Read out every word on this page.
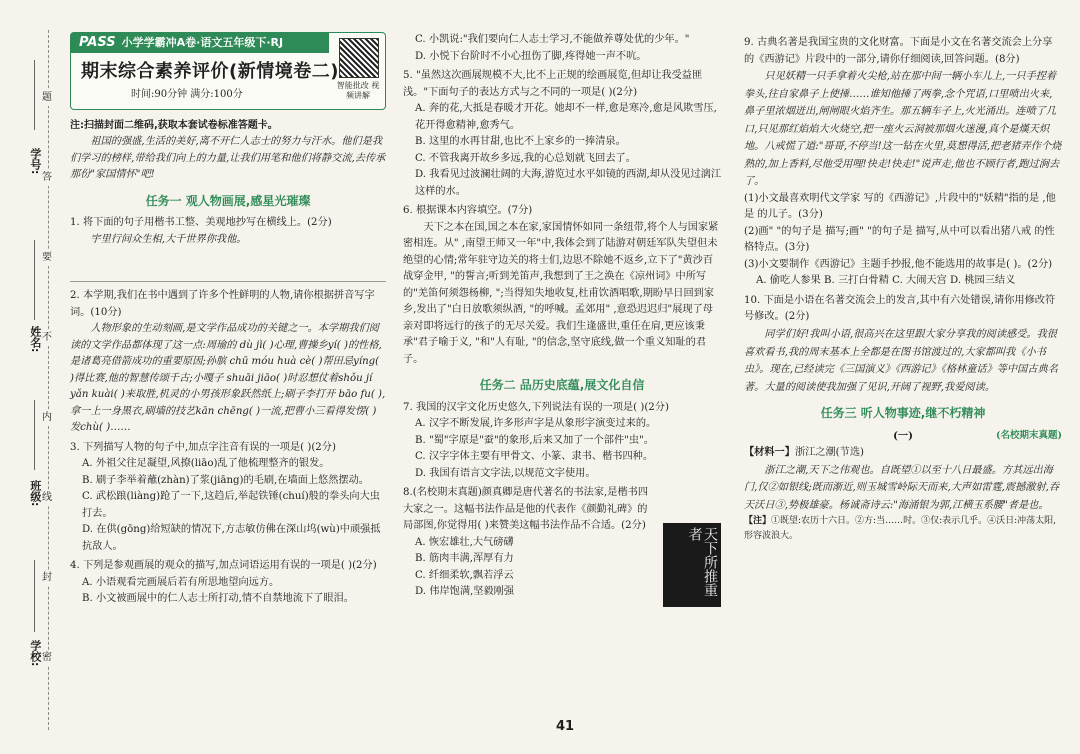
学号:
姓名:
班级:
学校:
题
答
要
不
内
线
封
密
PASS 小学学霸冲A卷·语文五年级下·RJ
期末综合素养评价(新情境卷二)
时间:90分钟 满分:100分
智能批改 视频讲解
注:扫描封面二维码,获取本套试卷标准答题卡。
祖国的强盛,生活的美好,离不开仁人志士的努力与汗水。他们是我们学习的榜样,带给我们向上的力量,让我们用笔和他们将静交流,去传承那份"家国情怀"吧!
任务一 观人物画展,感星光璀璨
1. 将下面的句子用楷书工整、美观地抄写在横线上。(2分)
宇里行间众生相,大千世界你我他。
2. 本学期,我们在书中遇到了许多个性鲜明的人物,请你根据拼音写字词。(10分)
人物形象的生动刻画,是文学作品成功的关键之一。本学期我们阅读的文学作品都体现了这一点:周瑜的 dù jì( )心理,曹操乡yí( )的性格,是诸葛亮借箭成功的重要原因;孙膑 chū móu huà cè( )帮田忌yíng( )得比赛,他的智慧传颂千古;小嘎子 shuāi jiāo( )时忍想仗着shǒu jí yǎn kuài( )来取胜,机灵的小男孩形象跃然纸上;刷子李打开 bāo fu( ),拿一上一身黑衣,刷墙的技艺kān chēng( )一流,把曹小三看得发愣( )发chù( )……
3. 下列描写人物的句子中,加点字注音有误的一项是( )(2分)
A. 外祖父往足凝望,风撩(liāo)乱了他梳理整齐的银发。
B. 刷子李举着蘸(zhàn)了浆(jiāng)的毛刷,在墙面上悠然摆动。
C. 武松踉(liàng)跄了一下,这趋后,举起铁锤(chuí)般的拳头向大虫打去。
D. 在供(gōng)给短缺的情况下,方志敏仿佛在深山坞(wù)中顽强抵抗敌人。
4. 下列是参观画展的观众的描写,加点词语运用有误的一项是( )(2分)
A. 小语观看完画展后若有所思地望向远方。
B. 小文被画展中的仁人志士所打动,情不自禁地流下了眼泪。
C. 小凯说:"我们要向仁人志士学习,不能做养尊处优的少年。"
D. 小悦下台阶时不小心扭伤了脚,疼得她一声不吭。
5. "虽然这次画展规模不大,比不上正规的绘画展览,但却让我受益匪浅。"下面句子的表达方式与之不同的一项是( )(2分)
A. 奔的花,大抵是春暖才开花。她却不一样,愈是寒冷,愈是风欺雪压,花开得愈精神,愈秀气。
B. 这里的水再甘甜,也比不上家乡的一捧清泉。
C. 不管我离开故乡多远,我的心总划就飞回去了。
D. 我看见过波澜壮阔的大海,游览过水平如镜的西湖,却从没见过漓江这样的水。
6. 根据课本内容填空。(7分)
天下之本在国,国之本在家,家国情怀如同一条纽带,将个人与国家紧密相连。从" ,南望王师又一年"中,我体会到了陆游对朝廷军队失望但未绝望的心情;常年驻守边关的将士们,边思不除她不返乡,立下了"黄沙百战穿金甲, "的誓言;听到羌笛声,我想到了王之涣在《凉州词》中所写的"羌笛何须怨杨柳, ";当得知失地收复,杜甫饮酒唱歌,期盼早日回到家乡,发出了"白日放歌须纵酒, "的呼喊。孟郊用" ,意恐迟迟归"展现了母亲对即将远行的孩子的无尽关爱。我们生逢盛世,重任在肩,更应该秉承"君子喻于义, "和"人有耻, "的信念,坚守底线,做一个重义知耻的君子。
任务二 品历史底蕴,展文化自信
7. 我国的汉字文化历史悠久,下列说法有误的一项是( )(2分)
A. 汉字不断发展,许多形声字是从象形字演变过来的。
B. "蜀"字原是"蚕"的象形,后来又加了一个部件"虫"。
C. 汉字字体主要有甲骨文、小篆、隶书、楷书四种。
D. 我国有语言文字法,以规范文字使用。
8.(名校期末真题)颜真卿是唐代著名的书法家,是楷书四大家之一。这幅书法作品是他的代表作《颜勤礼碑》的局部图,你觉得用( )来赞美这幅书法作品不合适。(2分)
A. 恢宏雄壮,大气磅礴
B. 筋肉丰满,浑厚有力
C. 纤细柔软,飘若浮云
D. 伟岸饱满,坚毅刚强	天下所推重者
41
9. 古典名著是我国宝贵的文化财富。下面是小文在名著交流会上分享的《西游记》片段中的一部分,请你仔细阅读,回答问题。(8分)
只见妖精一只手拿着火尖枪,站在那中间一辆小车儿上,一只手捏着拳头,往自家鼻子上使捶……谁知他捶了两拳,念个咒语,口里喷出火来,鼻子里浓烟迸出,闸闸眼火焰齐生。那五辆车子上,火光涌出。连喷了几口,只见那红焰焰大火烧空,把一座火云洞被那烟火迷漫,真个是熯天炽地。八戒慌了道:"哥哥,不停当!这一钻在火里,莫想得活,把老猪弄作个烧熟的,加上香料,尽他受用哩!快走!快走!"说声走,他也不顾行者,跑过涧去了。
(1)小文最喜欢明代文学家 写的《西游记》,片段中的"妖精"指的是 ,他是 的儿子。(3分)
(2)画" "的句子是 描写;画" "的句子是 描写,从中可以看出猪八戒 的性格特点。(3分)
(3)小文要制作《西游记》主题手抄报,他不能选用的故事是( )。(2分)
A. 偷吃人参果 B. 三打白骨精 C. 大闹天宫 D. 桃园三结义
10. 下面是小语在名著交流会上的发言,其中有六处错误,请你用修改符号修改。(2分)
同学们好!我叫小语,很高兴在这里跟大家分享我的阅读感受。我很喜欢看书,我的周末基本上全都是在图书馆渡过的,大家都叫我《小书虫》。现在,已经读完《三国演义》《西游记》《格林童话》等中国古典名著。大量的阅读使我加强了见识,开阔了视野,我爱阅读。
任务三 听人物事迹,继不朽精神
(一)	(名校期末真题)
【材料一】浙江之潮(节选)
浙江之潮,天下之伟观也。自既望①以至十八日最盛。方其远出海门,仅②如银线;既而渐近,则玉城雪岭际天而来,大声如雷霆,震撼激射,吞天沃日③,势极雄豪。杨诚斋诗云:"海涌银为郭,江横玉系腰"者是也。
【注】①既望:农历十六日。②方:当……时。③仅:表示几乎。④沃日:冲荡太阳,形容波浪大。
